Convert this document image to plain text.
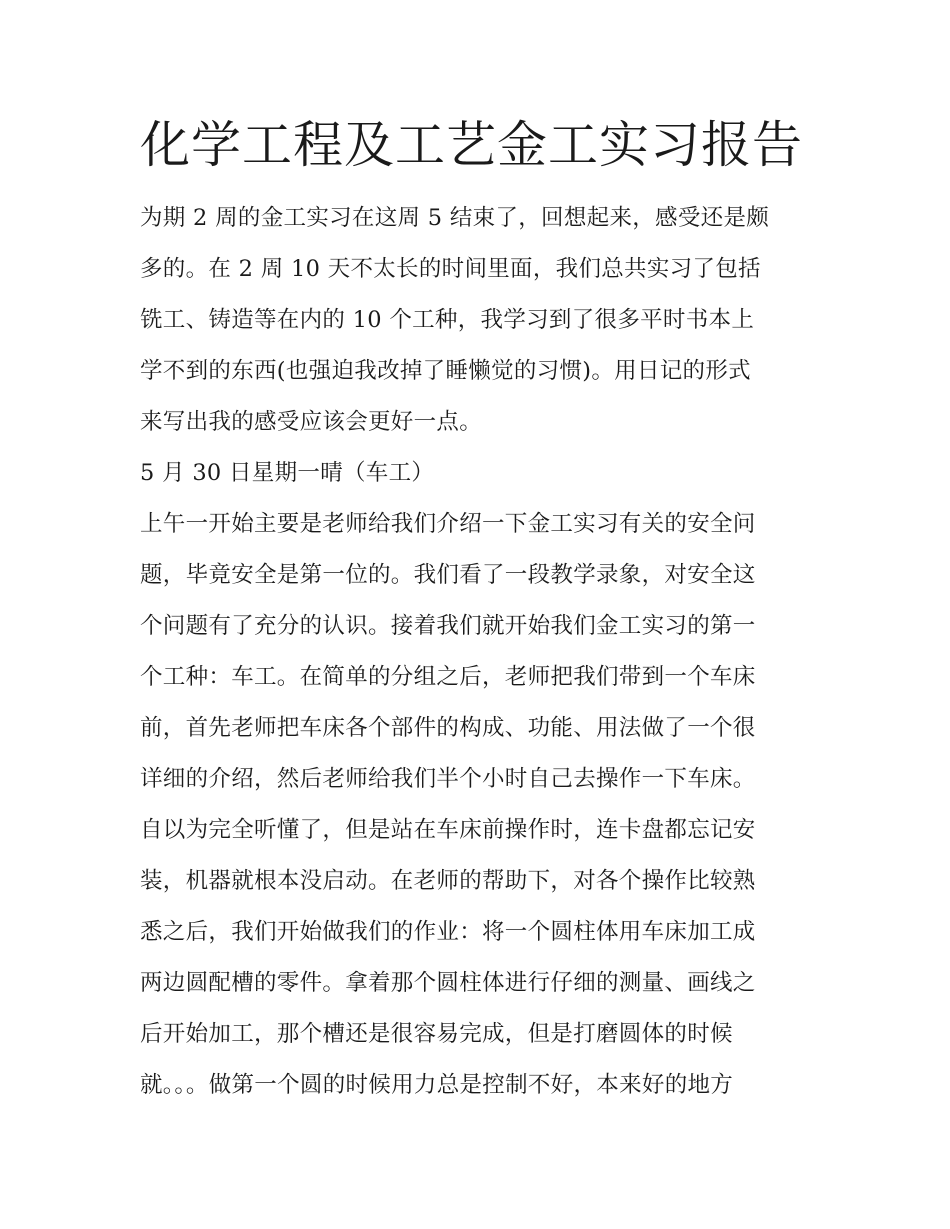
化学工程及工艺金工实习报告

为期 2 周的金工实习在这周 5 结束了，回想起来，感受还是颇
多的。在 2 周 10 天不太长的时间里面，我们总共实习了包括
铣工、铸造等在内的 10 个工种，我学习到了很多平时书本上
学不到的东西(也强迫我改掉了睡懒觉的习惯)。用日记的形式
来写出我的感受应该会更好一点。

5 月 30 日星期一晴（车工）

上午一开始主要是老师给我们介绍一下金工实习有关的安全问
题，毕竟安全是第一位的。我们看了一段教学录象，对安全这
个问题有了充分的认识。接着我们就开始我们金工实习的第一
个工种：车工。在简单的分组之后，老师把我们带到一个车床
前，首先老师把车床各个部件的构成、功能、用法做了一个很
详细的介绍，然后老师给我们半个小时自己去操作一下车床。
自以为完全听懂了，但是站在车床前操作时，连卡盘都忘记安
装，机器就根本没启动。在老师的帮助下，对各个操作比较熟
悉之后，我们开始做我们的作业：将一个圆柱体用车床加工成
两边圆配槽的零件。拿着那个圆柱体进行仔细的测量、画线之
后开始加工，那个槽还是很容易完成，但是打磨圆体的时候
就。。。做第一个圆的时候用力总是控制不好，本来好的地方
